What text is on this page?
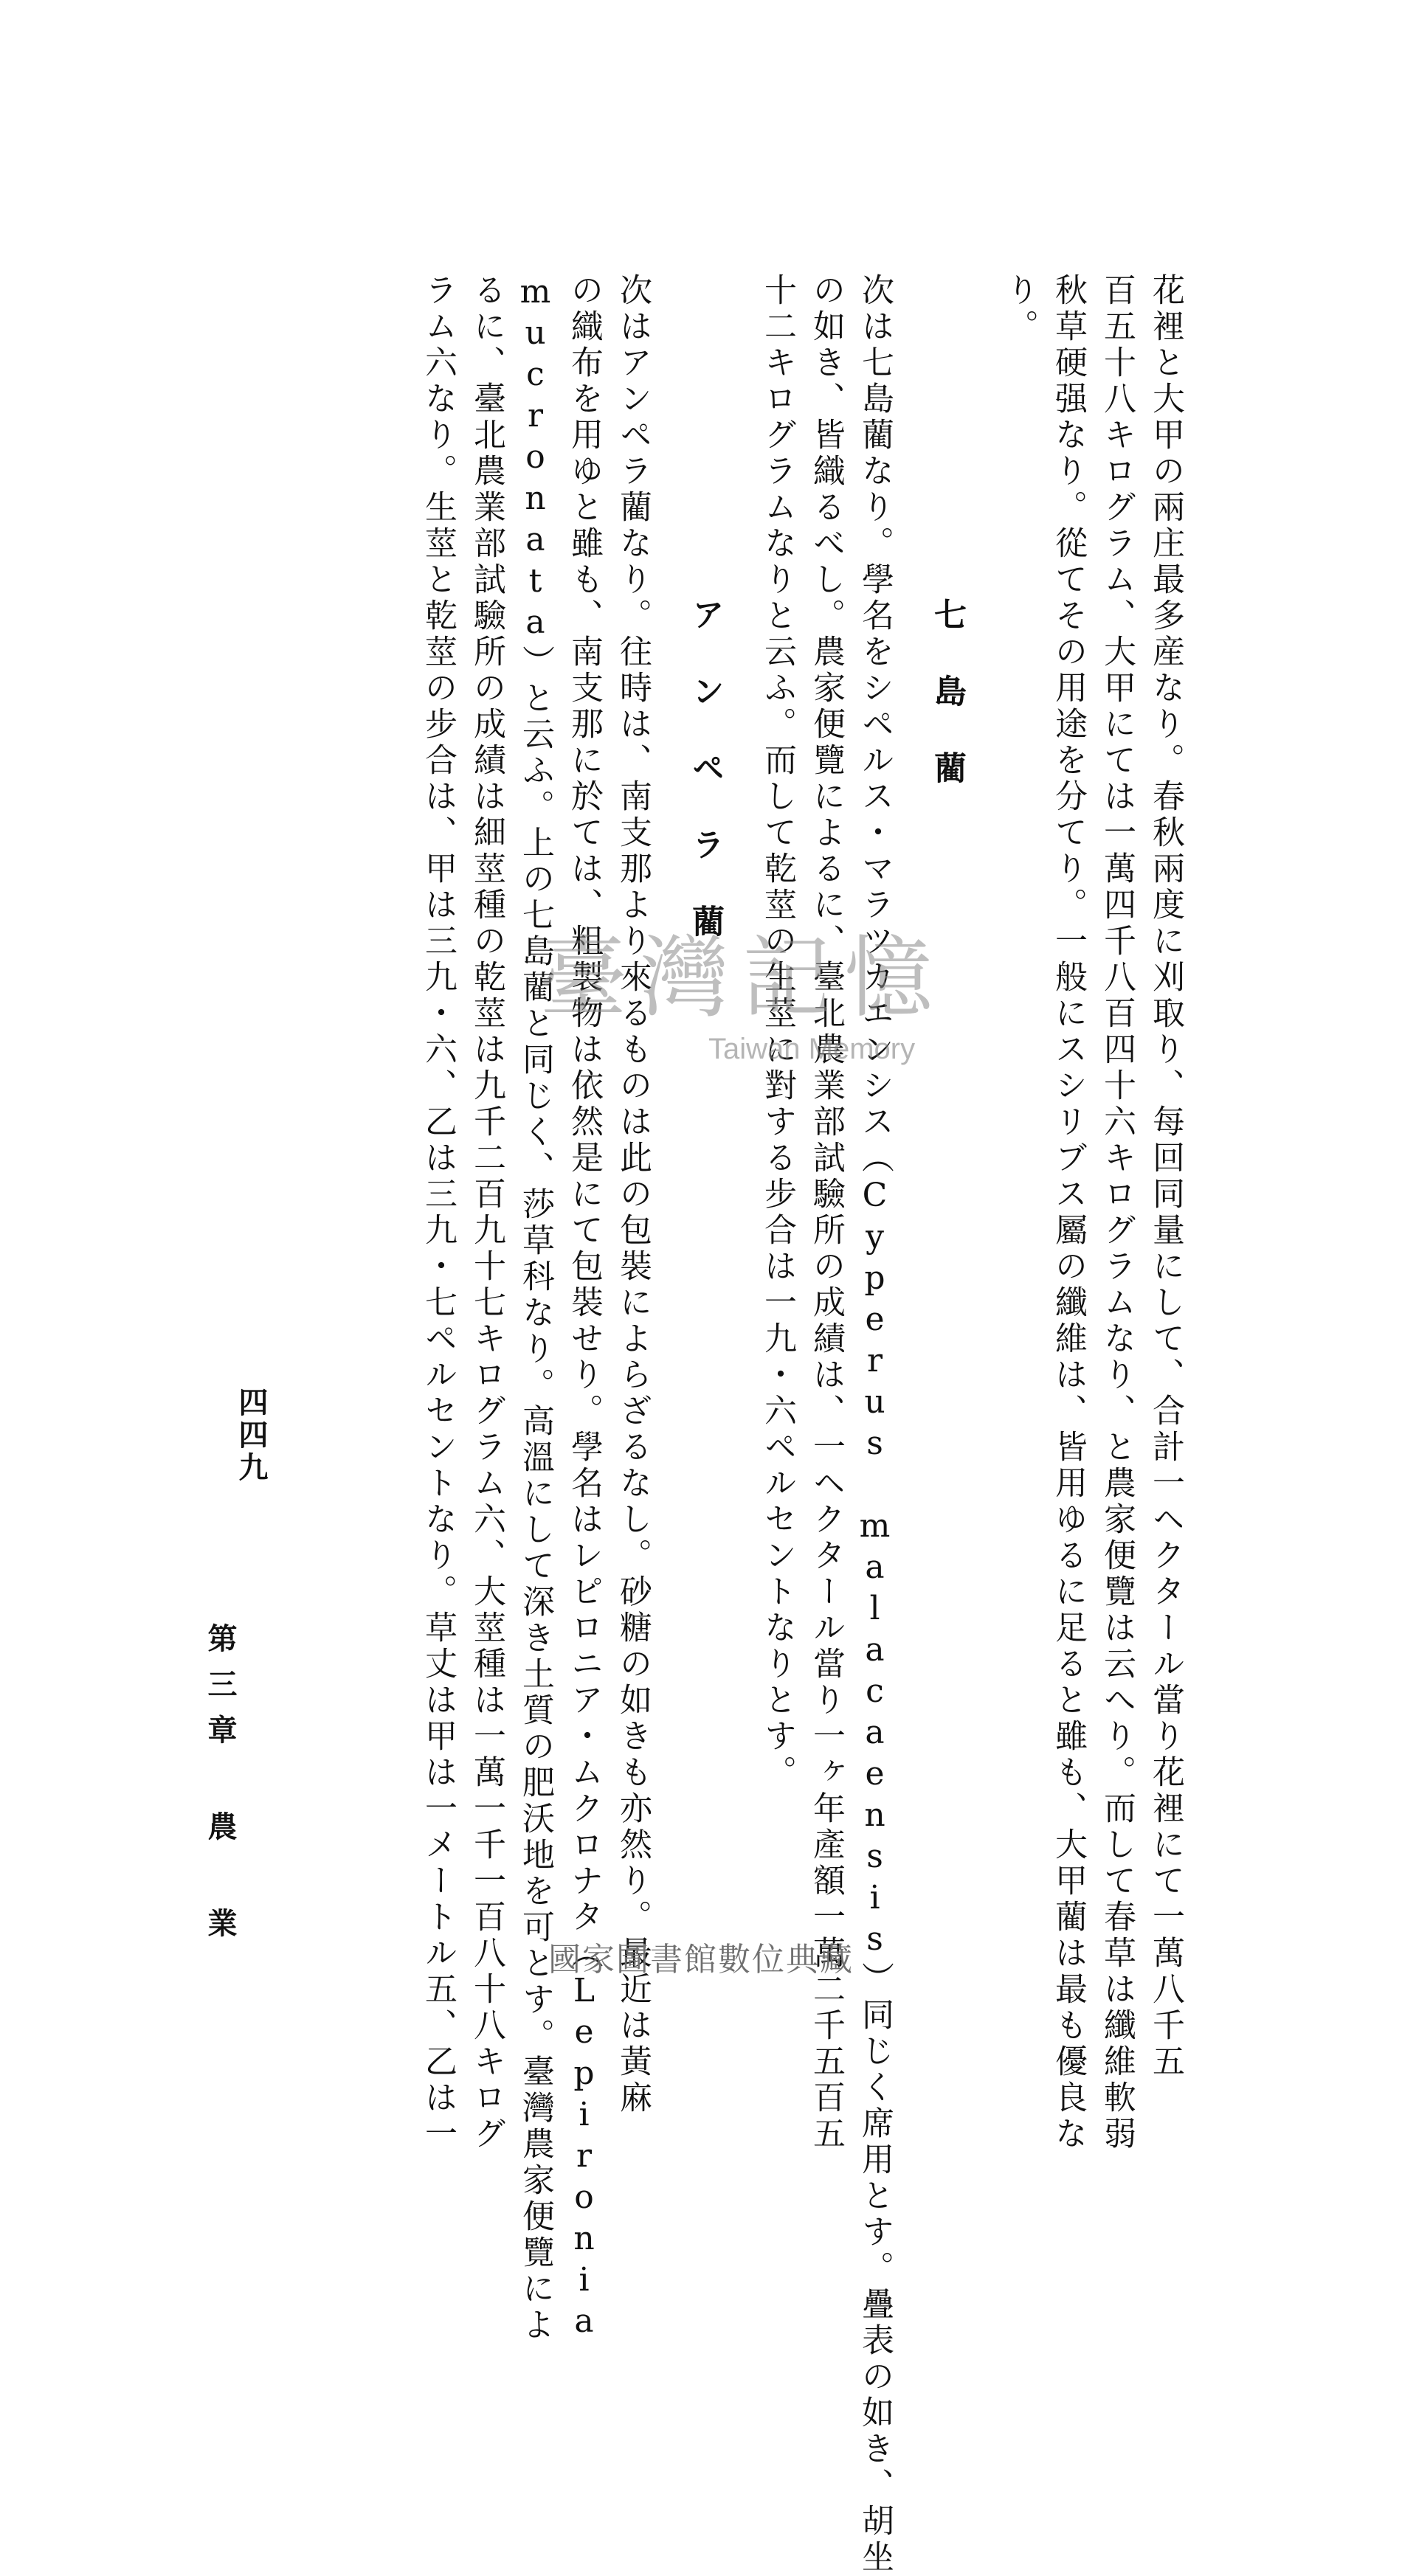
花裡と大甲の兩庄最多産なり。春秋兩度に刈取り、每回同量にして、合計一ヘクタール當り花裡にて一萬八千五
百五十八キログラム、大甲にては一萬四千八百四十六キログラムなり、と農家便覽は云へり。而して春草は纖維軟弱
秋草硬强なり。從てその用途を分てり。一般にスシリブス屬の纖維は、皆用ゆるに足ると雖も、大甲藺は最も優良な
り。
七島藺
次は七島藺なり。學名をシペルス・マラツカエンシス（Cyperus malacaensis）同じく席用とす。疊表の如き、胡坐
の如き、皆織るべし。農家便覽によるに、臺北農業部試驗所の成績は、一ヘクタール當り一ヶ年產額一萬二千五百五
十二キログラムなりと云ふ。而して乾莖の生莖に對する步合は一九・六ペルセントなりとす。
アンペラ藺
次はアンペラ藺なり。往時は、南支那より來るものは此の包裝によらざるなし。砂糖の如きも亦然り。最近は黃麻
の織布を用ゆと雖も、南支那に於ては、粗製物は依然是にて包裝せり。學名はレピロニア・ムクロナタ（Lepironia
mucronata）と云ふ。上の七島藺と同じく、莎草科なり。高溫にして深き土質の肥沃地を可とす。臺灣農家便覽によ
るに、臺北農業部試驗所の成績は細莖種の乾莖は九千二百九十七キログラム六、大莖種は一萬一千一百八十八キログ
ラム六なり。生莖と乾莖の步合は、甲は三九・六、乙は三九・七ペルセントなり。草丈は甲は一メートル五、乙は一
第三章 農 業
四四九
臺灣記憶
Taiwan Memory
國家圖書館數位典藏
